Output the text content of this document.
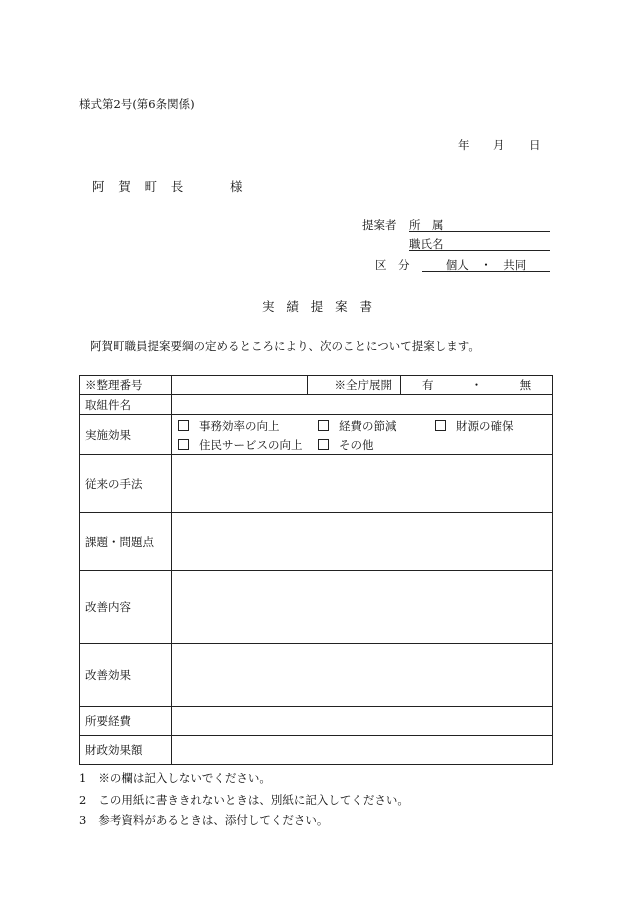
様式第2号(第6条関係)
年 月 日
阿賀町長	様
提案者 所　属
職氏名
区　分	個人　・　共同
実績提案書
阿賀町職員提案要綱の定めるところにより、次のことについて提案します。
※整理番号		※全庁展開	有 ・ 無
取組件名			
実施効果	事務効率の向上 経費の節減 財源の確保
住民サービスの向上 その他		

従来の手法			
課題・問題点			
改善内容			
改善効果			
所要経費			
財政効果額			
1 ※の欄は記入しないでください。
2 この用紙に書ききれないときは、別紙に記入してください。
3 参考資料があるときは、添付してください。
